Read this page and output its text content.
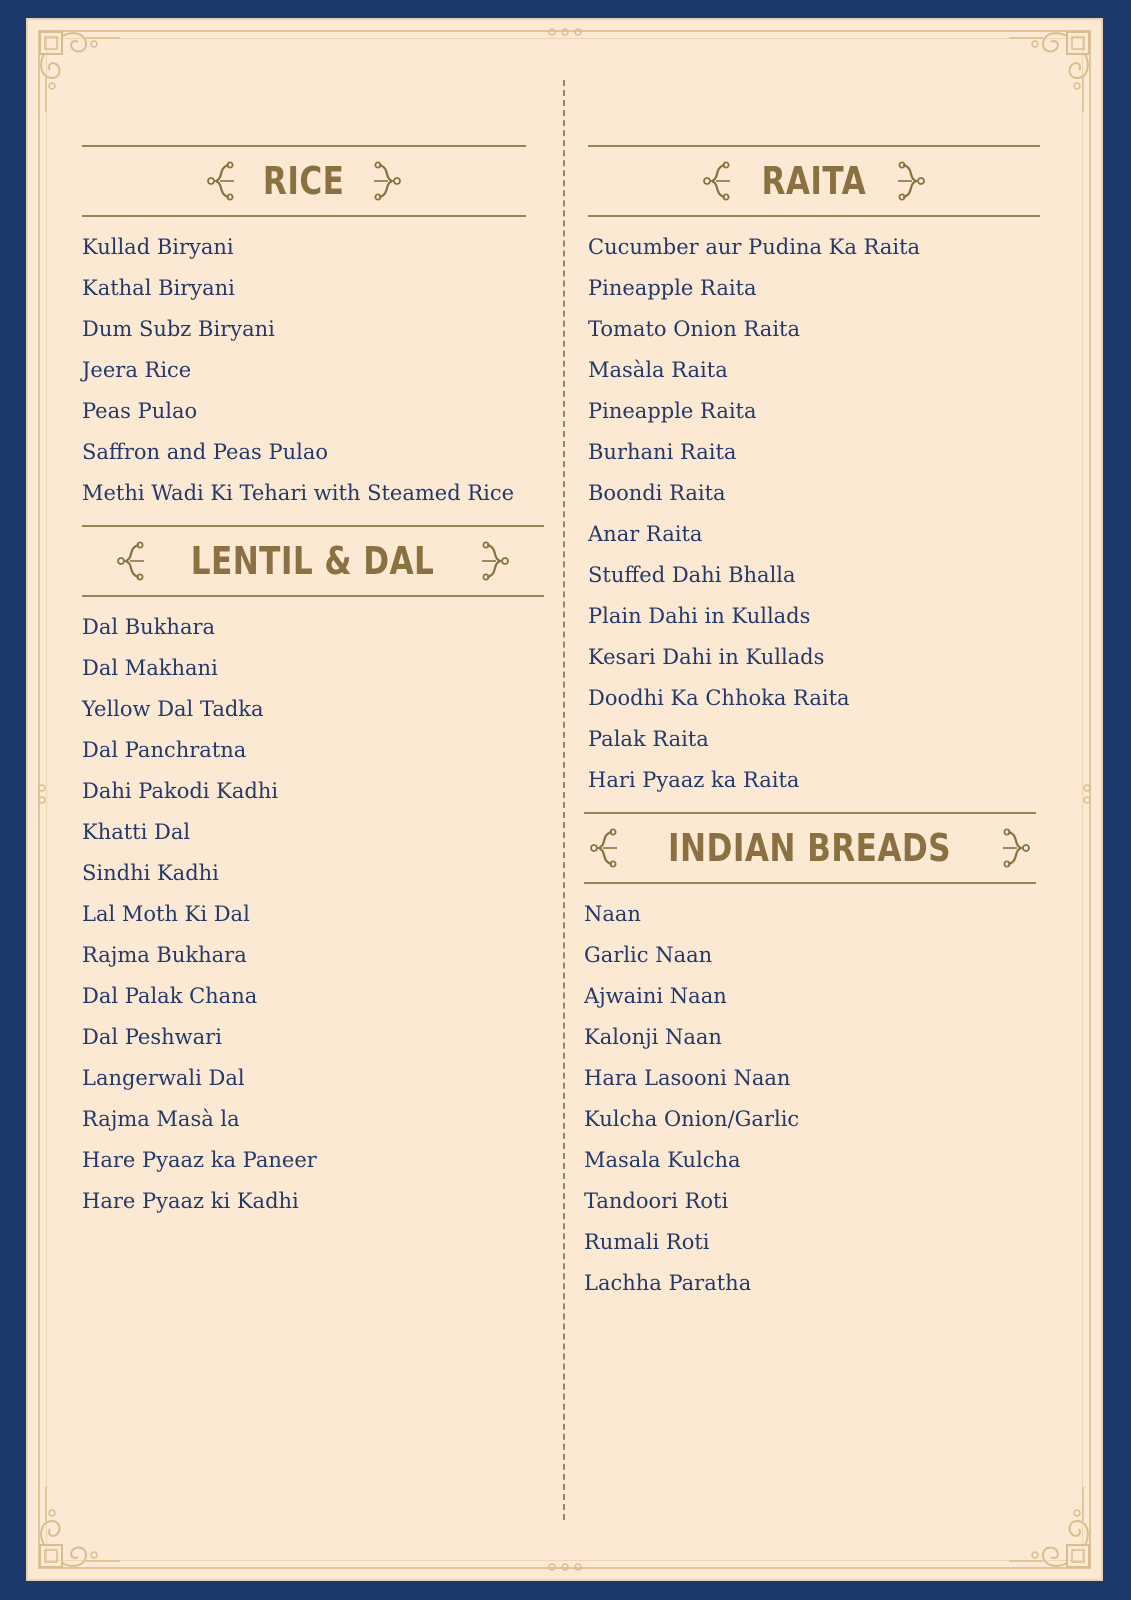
RICE
Kullad Biryani
Kathal Biryani
Dum Subz Biryani
Jeera Rice
Peas Pulao
Saffron and Peas Pulao
Methi Wadi Ki Tehari with Steamed Rice
LENTIL & DAL
Dal Bukhara
Dal Makhani
Yellow Dal Tadka
Dal Panchratna
Dahi Pakodi Kadhi
Khatti Dal
Sindhi Kadhi
Lal Moth Ki Dal
Rajma Bukhara
Dal Palak Chana
Dal Peshwari
Langerwali Dal
Rajma Masà la
Hare Pyaaz ka Paneer
Hare Pyaaz ki Kadhi
RAITA
Cucumber aur Pudina Ka Raita
Pineapple Raita
Tomato Onion Raita
Masàla Raita
Pineapple Raita
Burhani Raita
Boondi Raita
Anar Raita
Stuffed Dahi Bhalla
Plain Dahi in Kullads
Kesari Dahi in Kullads
Doodhi Ka Chhoka Raita
Palak Raita
Hari Pyaaz ka Raita
INDIAN BREADS
Naan
Garlic Naan
Ajwaini Naan
Kalonji Naan
Hara Lasooni Naan
Kulcha Onion/Garlic
Masala Kulcha
Tandoori Roti
Rumali Roti
Lachha Paratha
